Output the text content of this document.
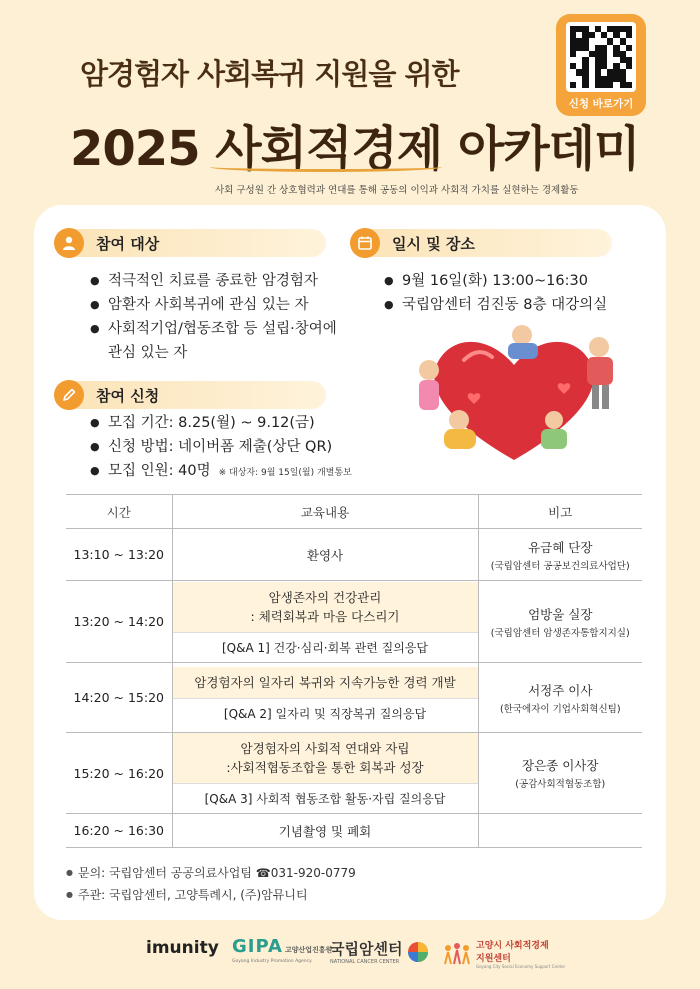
암경험자 사회복귀 지원을 위한
2025 사회적경제 아카데미
사회 구성원 간 상호협력과 연대를 통해 공동의 이익과 사회적 가치를 실현하는 경제활동
신청 바로가기
참여 대상
● 적극적인 치료를 종료한 암경험자
● 암환자 사회복귀에 관심 있는 자
● 사회적기업/협동조합 등 설립·창여에
관심 있는 자
일시 및 장소
● 9월 16일(화) 13:00~16:30
● 국립암센터 검진동 8층 대강의실
참여 신청
● 모집 기간: 8.25(월) ~ 9.12(금)
● 신청 방법: 네이버폼 제출(상단 QR)
● 모집 인원: 40명 ※ 대상자: 9월 15일(월) 개별통보
시간	교육내용	비고
13:10 ~ 13:20	환영사	유금혜 단장
(국립암센터 공공보건의료사업단)

13:20 ~ 14:20	암생존자의 건강관리
: 체력회복과 마음 다스리기
[Q&A 1] 건강·심리·회복 관련 질의응답	엄방울 실장
(국립암센터 암생존자통합지지실)

14:20 ~ 15:20	암경험자의 일자리 복귀와 지속가능한 경력 개발
[Q&A 2] 일자리 및 직장복귀 질의응답	서정주 이사
(한국에자이 기업사회혁신팀)

15:20 ~ 16:20	암경험자의 사회적 연대와 자립
:사회적협동조합을 통한 회복과 성장
[Q&A 3] 사회적 협동조합 활동·자립 질의응답	장은종 이사장
(공감사회적협동조합)

16:20 ~ 16:30	기념촬영 및 폐회	
● 문의: 국립암센터 공공의료사업팀 ☎031-920-0779
● 주관: 국립암센터, 고양특례시, (주)암뮤니티
imunity GIPA 고양산업진흥원
Goyang Industry Promotion Agency
국립암센터
NATIONAL CANCER CENTER
고양시 사회적경제
지원센터
Goyang City Social Economy Support Center
